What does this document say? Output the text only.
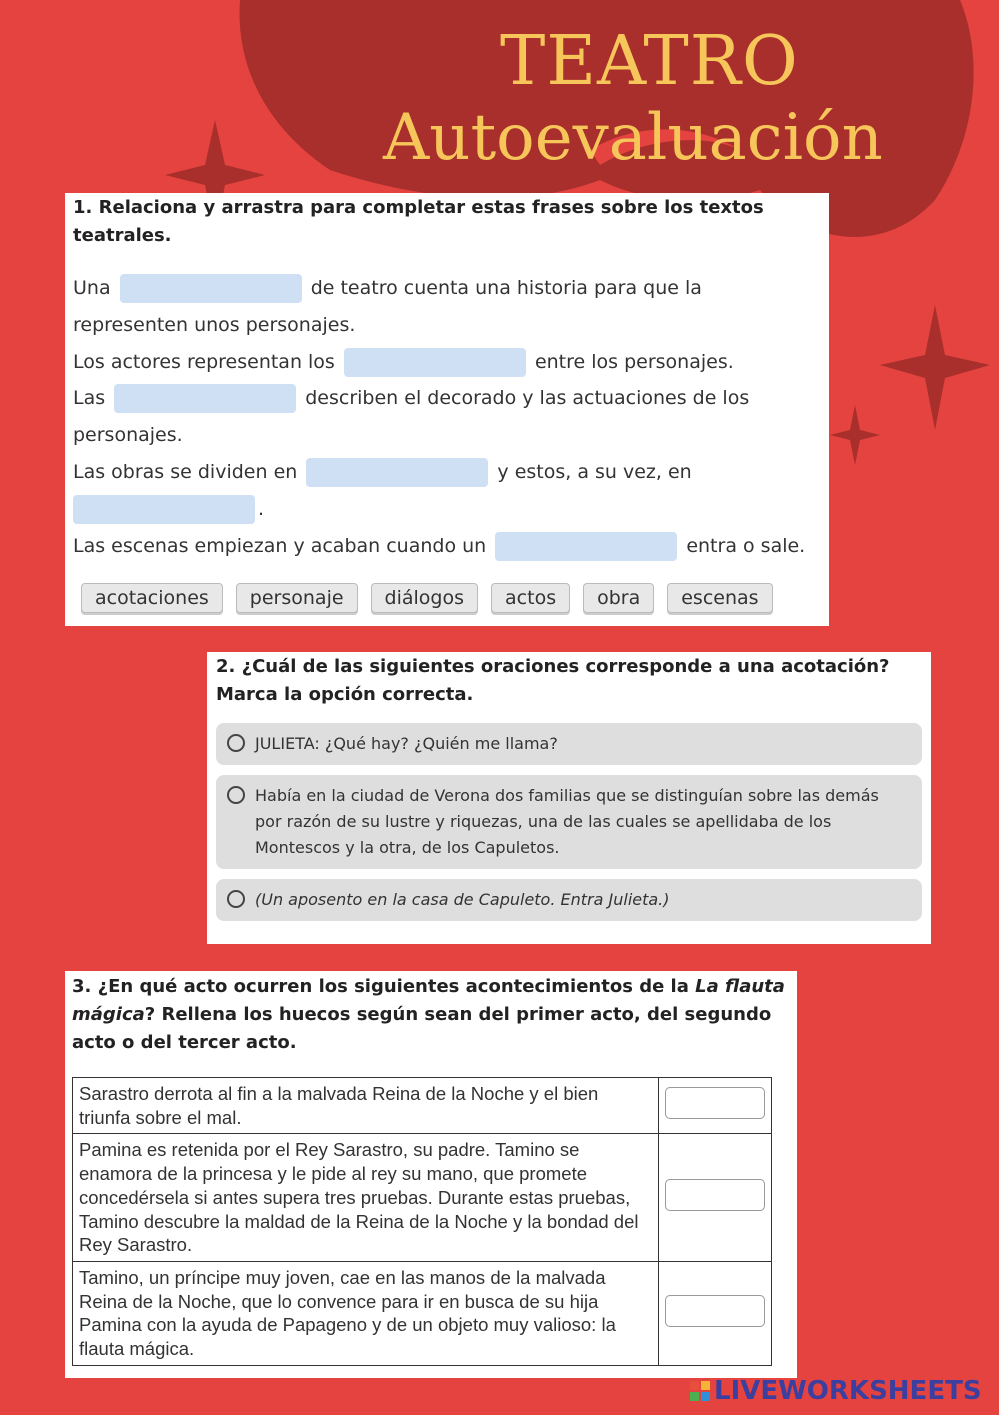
TEATRO
Autoevaluación
1. Relaciona y arrastra para completar estas frases sobre los textos teatrales.
Una	de teatro cuenta una historia para que la representen unos personajes.
Los actores representan los	entre los personajes.
Las	describen el decorado y las actuaciones de los personajes.
Las obras se dividen en	y estos, a su vez, en
.
Las escenas empiezan y acaban cuando un	entra o sale.
acotaciones	personaje	diálogos	actos	obra	escenas
2. ¿Cuál de las siguientes oraciones corresponde a una acotación? Marca la opción correcta.
JULIETA: ¿Qué hay? ¿Quién me llama?
Había en la ciudad de Verona dos familias que se distinguían sobre las demás por razón de su lustre y riquezas, una de las cuales se apellidaba de los Montescos y la otra, de los Capuletos.
(Un aposento en la casa de Capuleto. Entra Julieta.)
3. ¿En qué acto ocurren los siguientes acontecimientos de la La flauta mágica? Rellena los huecos según sean del primer acto, del segundo acto o del tercer acto.
Sarastro derrota al fin a la malvada Reina de la Noche y el bien triunfa sobre el mal.	
Pamina es retenida por el Rey Sarastro, su padre. Tamino se enamora de la princesa y le pide al rey su mano, que promete concedérsela si antes supera tres pruebas. Durante estas pruebas, Tamino descubre la maldad de la Reina de la Noche y la bondad del Rey Sarastro.	
Tamino, un príncipe muy joven, cae en las manos de la malvada Reina de la Noche, que lo convence para ir en busca de su hija Pamina con la ayuda de Papageno y de un objeto muy valioso: la flauta mágica.	
LIVEWORKSHEETS
